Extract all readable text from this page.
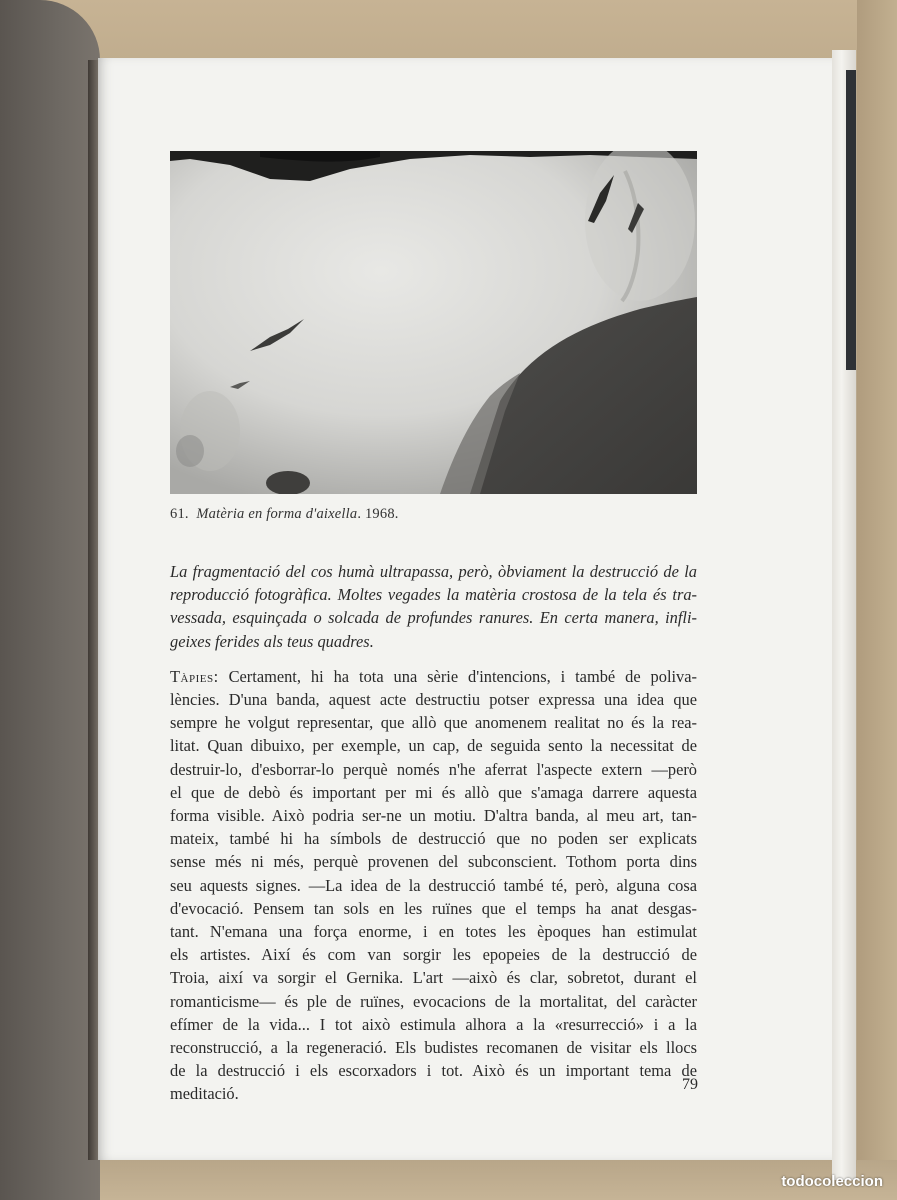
61. Matèria en forma d'aixella. 1968.
La fragmentació del cos humà ultrapassa, però, òbviament la destrucció de la
reproducció fotogràfica. Moltes vegades la matèria crostosa de la tela és tra-
vessada, esquinçada o solcada de profundes ranures. En certa manera, infli-
geixes ferides als teus quadres.
Tàpies: Certament, hi ha tota una sèrie d'intencions, i també de poliva-
lències. D'una banda, aquest acte destructiu potser expressa una idea que
sempre he volgut representar, que allò que anomenem realitat no és la rea-
litat. Quan dibuixo, per exemple, un cap, de seguida sento la necessitat de
destruir-lo, d'esborrar-lo perquè només n'he aferrat l'aspecte extern —però
el que de debò és important per mi és allò que s'amaga darrere aquesta
forma visible. Això podria ser-ne un motiu. D'altra banda, al meu art, tan-
mateix, també hi ha símbols de destrucció que no poden ser explicats
sense més ni més, perquè provenen del subconscient. Tothom porta dins
seu aquests signes. —La idea de la destrucció també té, però, alguna cosa
d'evocació. Pensem tan sols en les ruïnes que el temps ha anat desgas-
tant. N'emana una força enorme, i en totes les èpoques han estimulat
els artistes. Així és com van sorgir les epopeies de la destrucció de
Troia, així va sorgir el Gernika. L'art —això és clar, sobretot, durant el
romanticisme— és ple de ruïnes, evocacions de la mortalitat, del caràcter
efímer de la vida... I tot això estimula alhora a la «resurrecció» i a la
reconstrucció, a la regeneració. Els budistes recomanen de visitar els llocs
de la destrucció i els escorxadors i tot. Això és un important tema de
meditació.	79
todocoleccion
